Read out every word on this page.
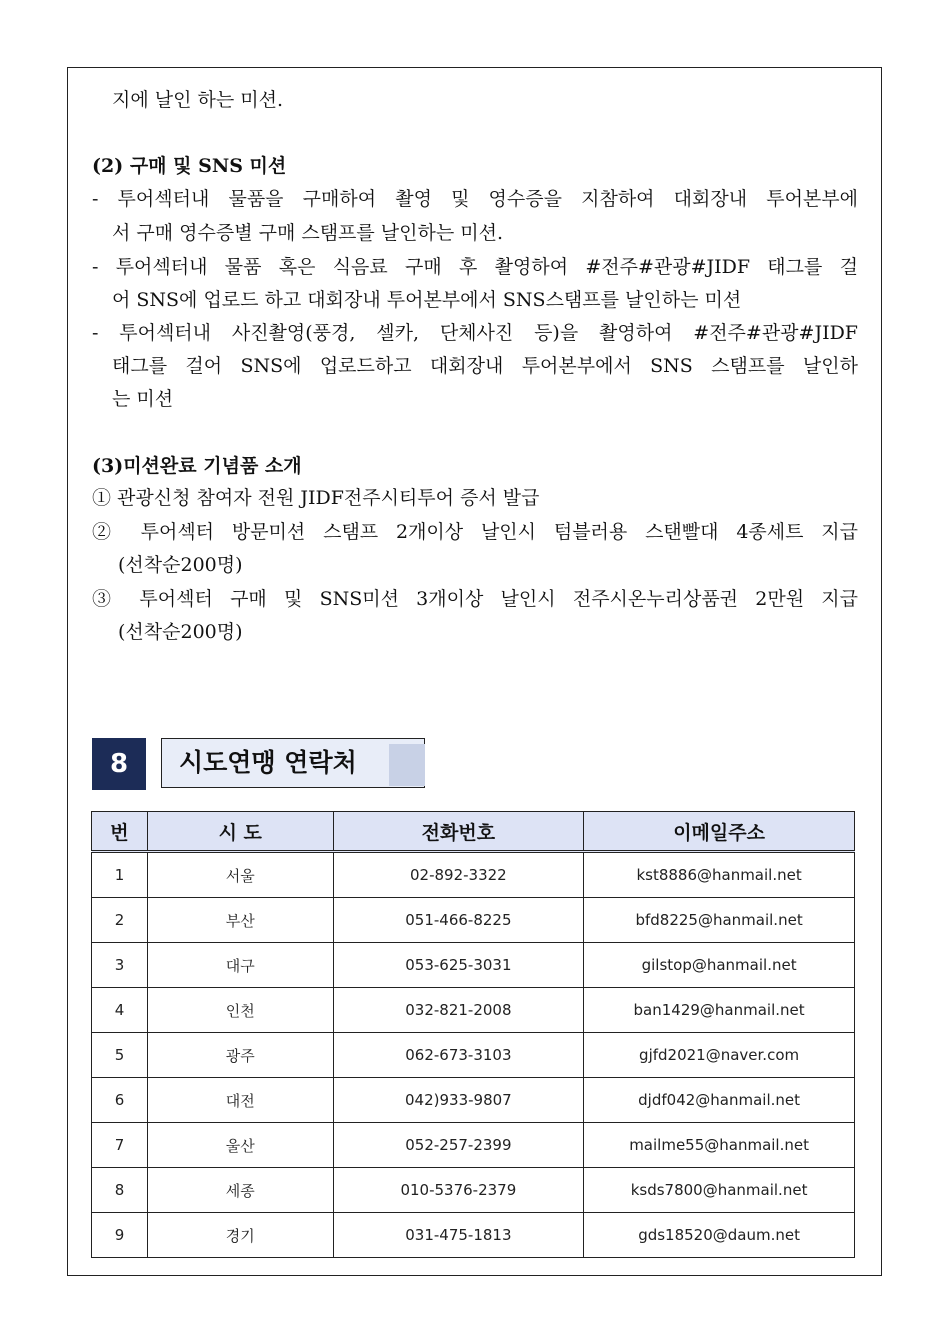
지에 날인 하는 미션.
(2) 구매 및 SNS 미션
- 투어섹터내 물품을 구매하여 촬영 및 영수증을 지참하여 대회장내 투어본부에
서 구매 영수증별 구매 스탬프를 날인하는 미션.
- 투어섹터내 물품 혹은 식음료 구매 후 촬영하여 #전주#관광#JIDF 태그를 걸
어 SNS에 업로드 하고 대회장내 투어본부에서 SNS스탬프를 날인하는 미션
- 투어섹터내 사진촬영(풍경, 셀카, 단체사진 등)을 촬영하여 #전주#관광#JIDF
태그를 걸어 SNS에 업로드하고 대회장내 투어본부에서 SNS 스탬프를 날인하
는 미션
(3)미션완료 기념품 소개
① 관광신청 참여자 전원 JIDF전주시티투어 증서 발급
② 투어섹터 방문미션 스탬프 2개이상 날인시 텀블러용 스탠빨대 4종세트 지급
(선착순200명)
③ 투어섹터 구매 및 SNS미션 3개이상 날인시 전주시온누리상품권 2만원 지급
(선착순200명)
8	시도연맹 연락처
번	시 도	전화번호	이메일주소
1	서울	02-892-3322	kst8886@hanmail.net
2	부산	051-466-8225	bfd8225@hanmail.net
3	대구	053-625-3031	gilstop@hanmail.net
4	인천	032-821-2008	ban1429@hanmail.net
5	광주	062-673-3103	gjfd2021@naver.com
6	대전	042)933-9807	djdf042@hanmail.net
7	울산	052-257-2399	mailme55@hanmail.net
8	세종	010-5376-2379	ksds7800@hanmail.net
9	경기	031-475-1813	gds18520@daum.net
